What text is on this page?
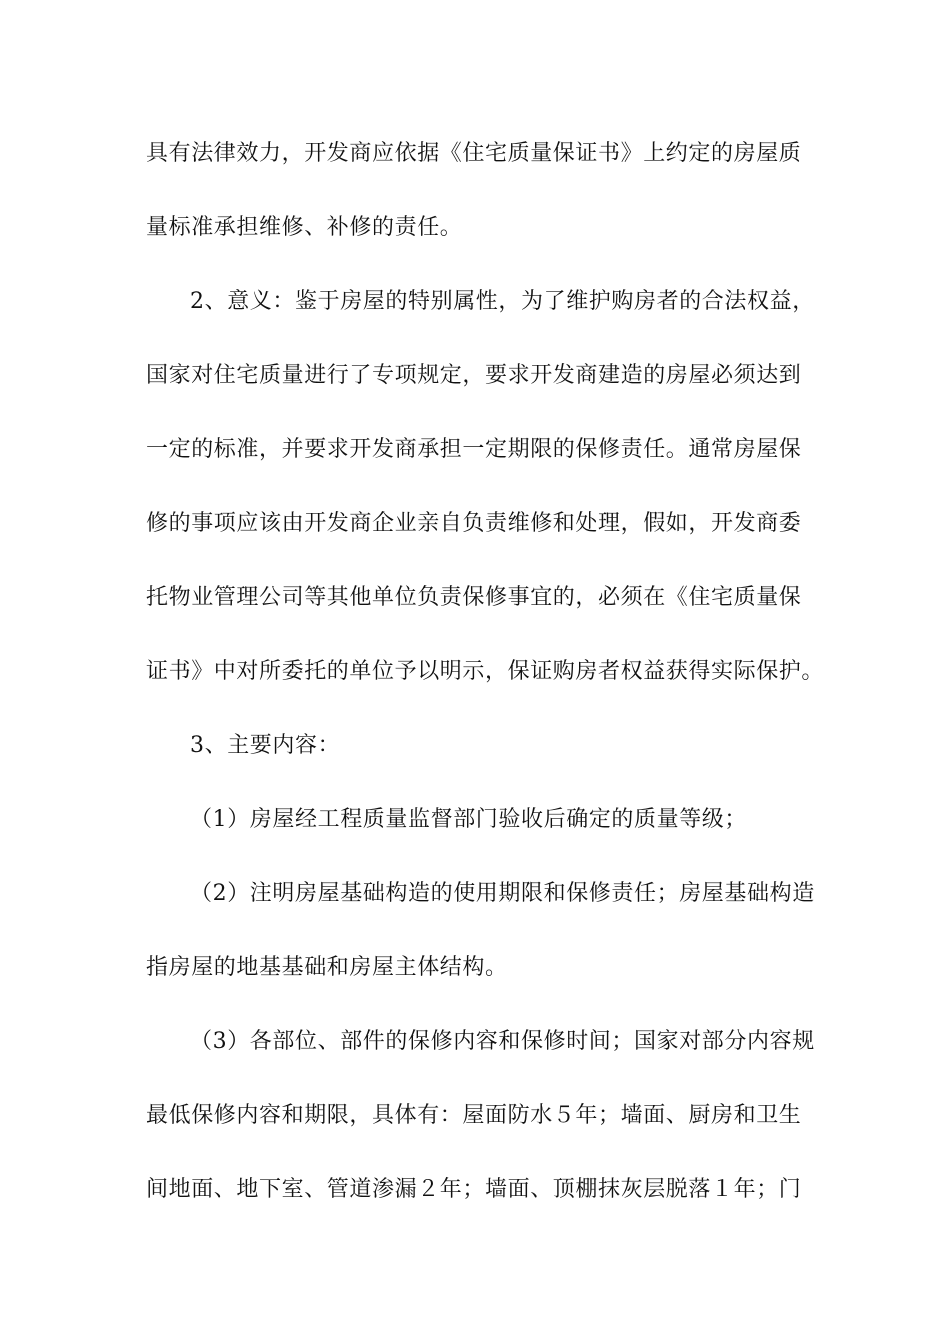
具有法律效力，开发商应依据《住宅质量保证书》上约定的房屋质
量标准承担维修、补修的责任。
2、意义：鉴于房屋的特别属性，为了维护购房者的合法权益，
国家对住宅质量进行了专项规定，要求开发商建造的房屋必须达到
一定的标准，并要求开发商承担一定期限的保修责任。通常房屋保
修的事项应该由开发商企业亲自负责维修和处理，假如，开发商委
托物业管理公司等其他单位负责保修事宜的，必须在《住宅质量保
证书》中对所委托的单位予以明示，保证购房者权益获得实际保护。
3、主要内容：
（1）房屋经工程质量监督部门验收后确定的质量等级；
（2）注明房屋基础构造的使用期限和保修责任；房屋基础构造
指房屋的地基基础和房屋主体结构。
（3）各部位、部件的保修内容和保修时间；国家对部分内容规
最低保修内容和期限，具体有：屋面防水５年；墙面、厨房和卫生
间地面、地下室、管道渗漏２年；墙面、顶棚抹灰层脱落１年；门
